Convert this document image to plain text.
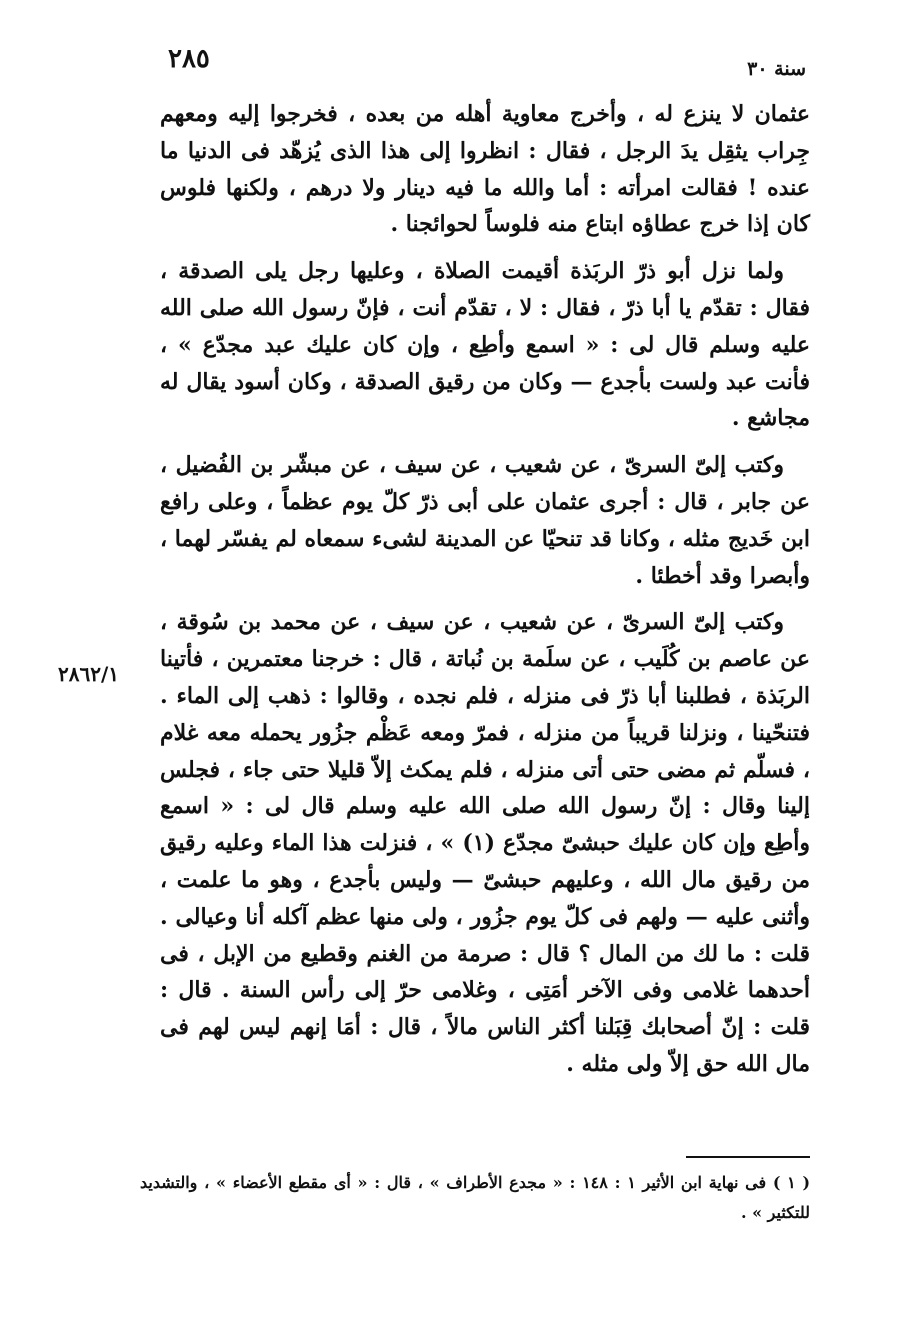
٢٨٥	سنة ٣٠

عثمان لا ينزع له ، وأخرج معاوية أهله من بعده ، فخرجوا إليه ومعهم جِراب يثقِل يدَ الرجل ، فقال : انظروا إلى هذا الذى يُزهّد فى الدنيا ما عنده ! فقالت امرأته : أما والله ما فيه دينار ولا درهم ، ولكنها فلوس كان إذا خرج عطاؤه ابتاع منه فلوساً لحوائجنا .

ولما نزل أبو ذرّ الربَذة أقيمت الصلاة ، وعليها رجل يلى الصدقة ، فقال : تقدّم يا أبا ذرّ ، فقال : لا ، تقدّم أنت ، فإنّ رسول الله صلى الله عليه وسلم قال لى : « اسمع وأطِع ، وإن كان عليك عبد مجدّع » ، فأنت عبد ولست بأجدع — وكان من رقيق الصدقة ، وكان أسود يقال له مجاشع .

وكتب إلىّ السرىّ ، عن شعيب ، عن سيف ، عن مبشّر بن الفُضيل ، عن جابر ، قال : أجرى عثمان على أبى ذرّ كلّ يوم عظماً ، وعلى رافع ابن خَديج مثله ، وكانا قد تنحيّا عن المدينة لشىء سمعاه لم يفسّر لهما ، وأبصرا وقد أخطئا .

وكتب إلىّ السرىّ ، عن شعيب ، عن سيف ، عن محمد بن سُوقة ، عن عاصم بن كُلَيب ، عن سلَمة بن نُباتة ، قال : خرجنا معتمرين ، فأتينا الربَذة ، فطلبنا أبا ذرّ فى منزله ، فلم نجده ، وقالوا : ذهب إلى الماء . فتنحّينا ، ونزلنا قريباً من منزله ، فمرّ ومعه عَظْم جزُور يحمله معه غلام ، فسلّم ثم مضى حتى أتى منزله ، فلم يمكث إلاّ قليلا حتى جاء ، فجلس إلينا وقال : إنّ رسول الله صلى الله عليه وسلم قال لى : « اسمع وأطِع وإن كان عليك حبشىّ مجدّع (١) » ، فنزلت هذا الماء وعليه رقيق من رقيق مال الله ، وعليهم حبشىّ — وليس بأجدع ، وهو ما علمت ، وأثنى عليه — ولهم فى كلّ يوم جزُور ، ولى منها عظم آكله أنا وعيالى . قلت : ما لك من المال ؟ قال : صرمة من الغنم وقطيع من الإبل ، فى أحدهما غلامى وفى الآخر أمَتِى ، وغلامى حرّ إلى رأس السنة . قال : قلت : إنّ أصحابك قِبَلنا أكثر الناس مالاً ، قال : أمَا إنهم ليس لهم فى مال الله حق إلاّ ولى مثله .

٢٨٦٢/١
( ١ ) فى نهاية ابن الأثير ١ : ١٤٨ : « مجدع الأطراف » ، قال : « أى مقطع الأعضاء » ، والتشديد للتكثير » .
